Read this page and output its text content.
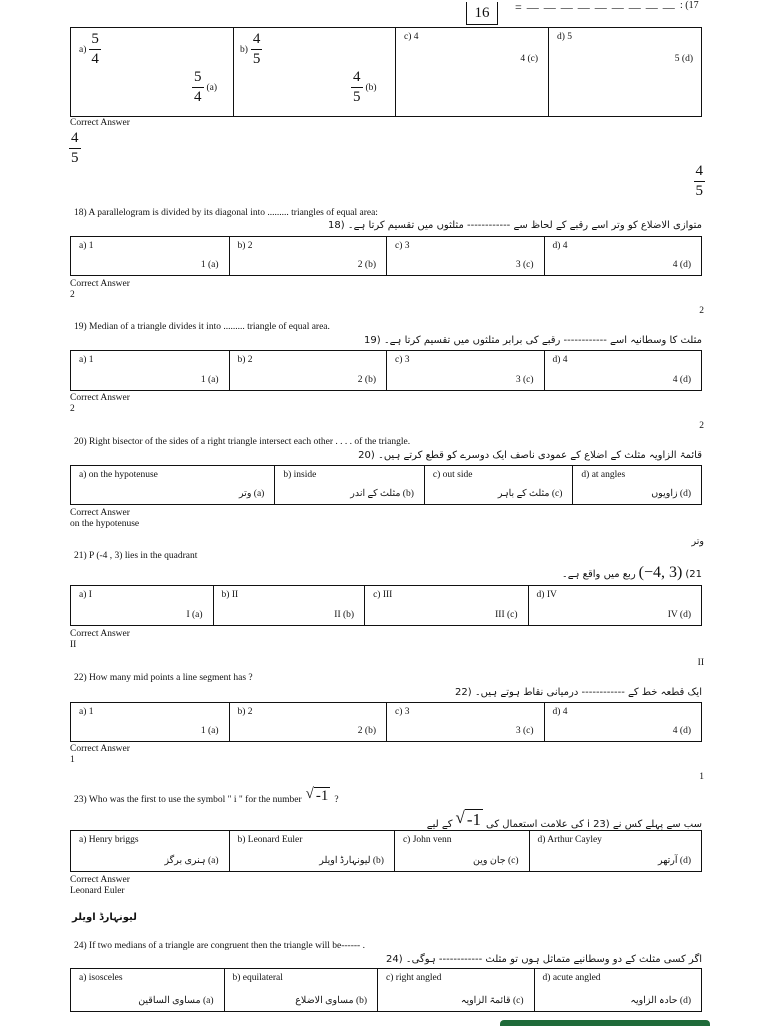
16	= — — — — — — — — — : (17
$a) \frac{5}{4}$
$\frac{5}{4} (a)$
$b) \frac{4}{5}$
$\frac{4}{5} (b)$
c) 4
4 (c)
d) 5
5 (d)
Correct Answer
$\frac{4}{5}$
4
5
18) A parallelogram is divided by its diagonal into ......... triangles of equal area:
متوازی الاضلاع کو وتر اسے رقبے کے لحاظ سے ------------ مثلثوں میں تقسیم کرتا ہے۔ (18
a) 1
1 (a)
b) 2
2 (b)
c) 3
3 (c)
d) 4
4 (d)
Correct Answer
2
2
19) Median of a triangle divides it into ......... triangle of equal area.
مثلث کا وسطانیہ اسے ------------ رقبے کی برابر مثلثوں میں تقسیم کرتا ہے۔ (19
a) 1
1 (a)
b) 2
2 (b)
c) 3
3 (c)
d) 4
4 (d)
Correct Answer
2
2
20) Right bisector of the sides of a right triangle intersect each other . . . . of the triangle.
قائمۃ الزاویہ مثلث کے اضلاع کے عمودی ناصف ایک دوسرے کو قطع کرتے ہیں۔ (20
a) on the hypotenuse
وتر (a)
b) inside
مثلث کے اندر (b)
c) out side
مثلث کے باہر (c)
d) at angles
زاویوں (d)
Correct Answer
on the hypotenuse
وتر
21) P (-4 , 3) lies in the quadrant
ربع میں واقع ہے۔ (−4, 3) (21
a) I
I (a)
b) II
II (b)
c) III
III (c)
d) IV
IV (d)
Correct Answer
II
II
22) How many mid points a line segment has ?
ایک قطعہ خط کے ------------ درمیانی نقاط ہوتے ہیں۔ (22
a) 1
1 (a)
b) 2
2 (b)
c) 3
3 (c)
d) 4
4 (d)
Correct Answer
1
1
23) Who was the first to use the symbol " i " for the number √ -1 ?
کے لیے √ -1 کی علامت استعمال کی i سب سے پہلے کس نے (23
a) Henry briggs
ہنری برگز (a)
b) Leonard Euler
لیونہارڈ اویلر (b)
c) John venn
جان وین (c)
d) Arthur Cayley
آرتھر (d)
Correct Answer
Leonard Euler
لیونہارڈ اویلر
24) If two medians of a triangle are congruent then the triangle will be------ .
اگر کسی مثلث کے دو وسطانیے متماثل ہوں تو مثلث ------------ ہوگی۔ (24
a) isosceles
مساوی الساقین (a)
b) equilateral
مساوی الاضلاع (b)
c) right angled
قائمۃ الزاویہ (c)
d) acute angled
حادہ الزاویہ (d)
